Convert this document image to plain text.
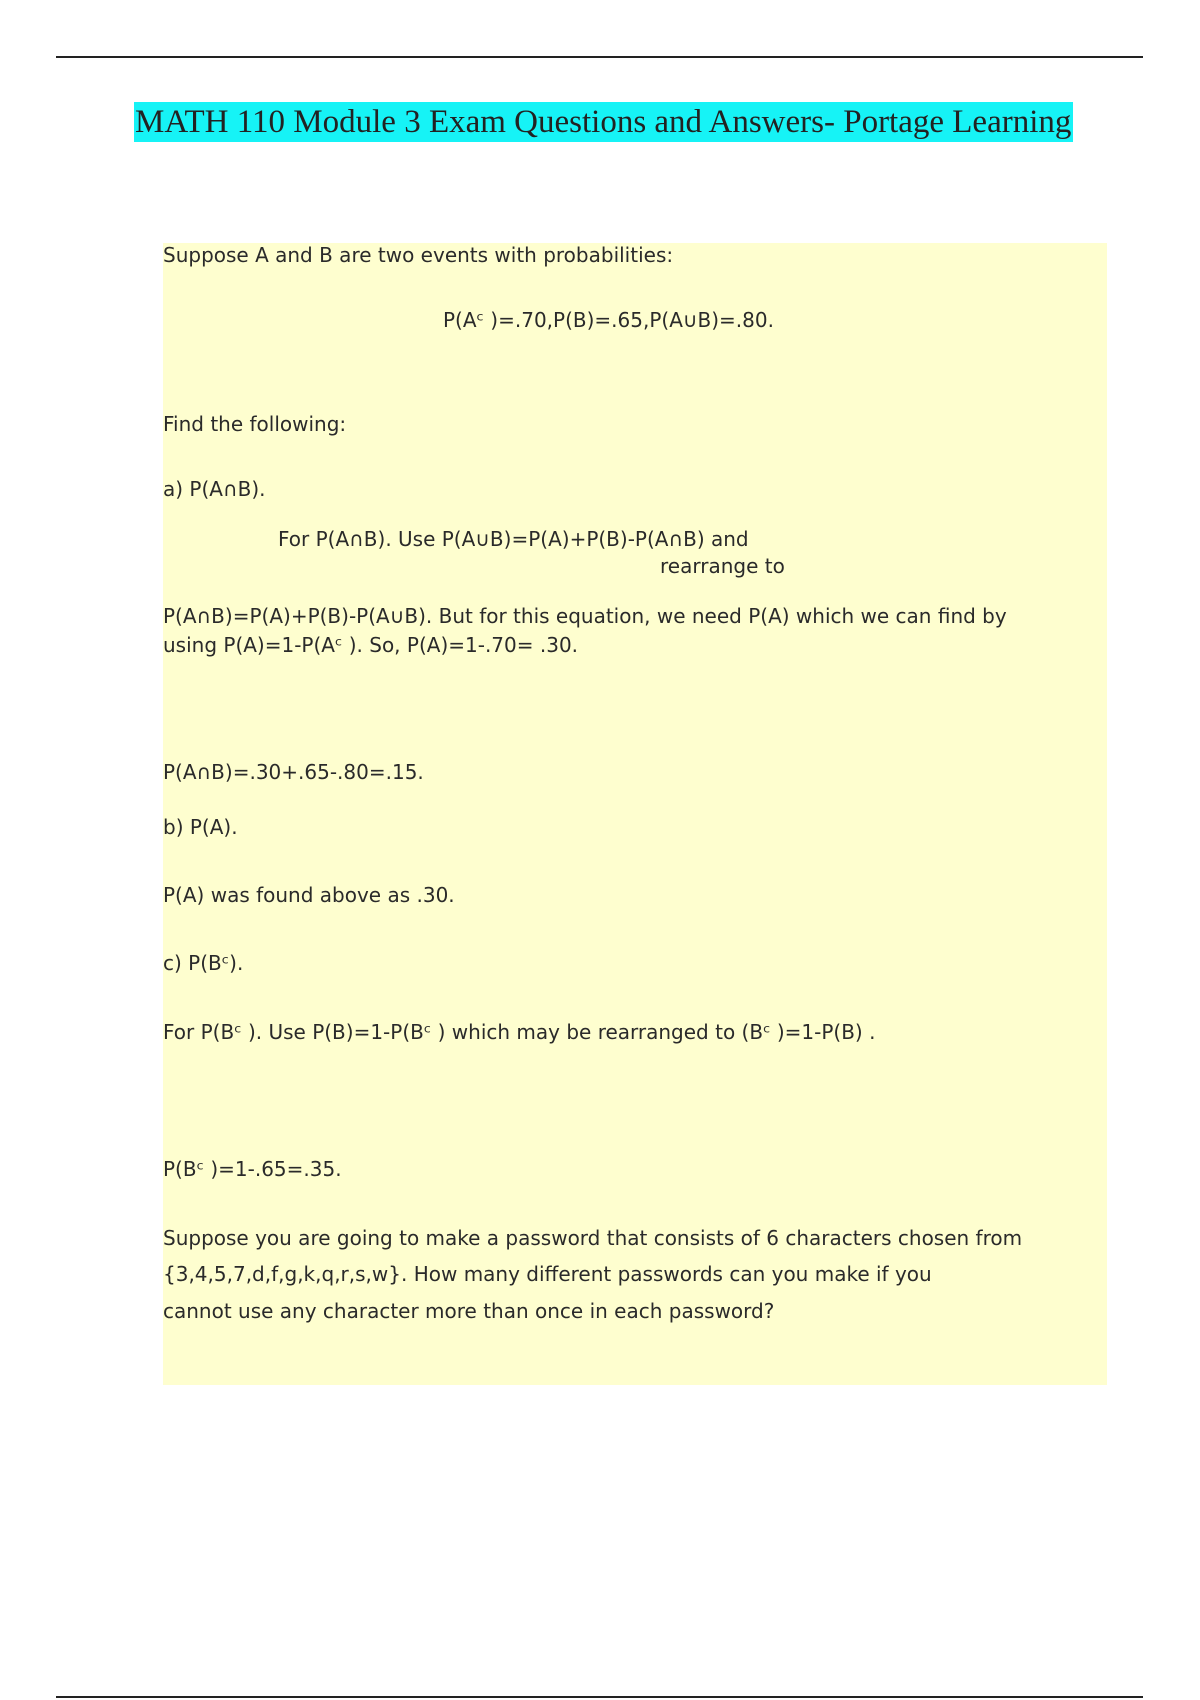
MATH 110 Module 3 Exam Questions and Answers- Portage Learning
Suppose A and B are two events with probabilities:
P(Aᶜ )=.70,P(B)=.65,P(A∪B)=.80.
Find the following:
a) P(A∩B).
For P(A∩B). Use P(A∪B)=P(A)+P(B)-P(A∩B) and
rearrange to
P(A∩B)=P(A)+P(B)-P(A∪B). But for this equation, we need P(A) which we can find by
using P(A)=1-P(Aᶜ ). So, P(A)=1-.70= .30.
P(A∩B)=.30+.65-.80=.15.
b) P(A).
P(A) was found above as .30.
c) P(Bᶜ).
For P(Bᶜ ). Use P(B)=1-P(Bᶜ ) which may be rearranged to (Bᶜ )=1-P(B) .
P(Bᶜ )=1-.65=.35.
Suppose you are going to make a password that consists of 6 characters chosen from
{3,4,5,7,d,f,g,k,q,r,s,w}. How many different passwords can you make if you
cannot use any character more than once in each password?
